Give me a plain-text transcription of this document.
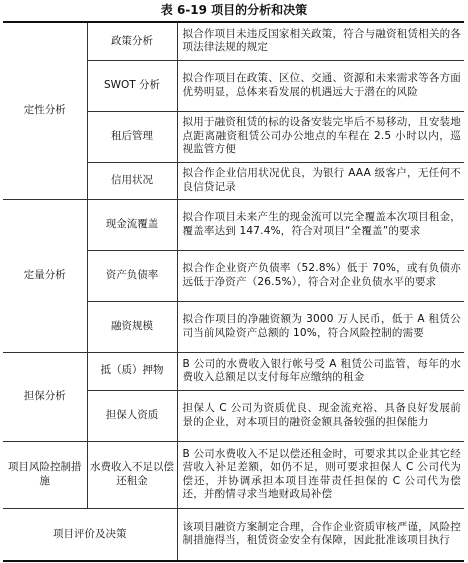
表 6-19 项目的分析和决策
定性分析	政策分析	拟合作项目未违反国家相关政策，符合与融资租赁相关的各项法律法规的规定
	SWOT 分析	拟合作项目在政策、区位、交通、资源和未来需求等各方面优势明显，总体来看发展的机遇远大于潜在的风险
	租后管理	拟用于融资租赁的标的设备安装完毕后不易移动，且安装地点距离融资租赁公司办公地点的车程在 2.5 小时以内，巡视监管方便
	信用状况	拟合作企业信用状况优良，为银行 AAA 级客户，无任何不良信贷记录
定量分析	现金流覆盖	拟合作项目未来产生的现金流可以完全覆盖本次项目租金，覆盖率达到 147.4%，符合对项目“全覆盖”的要求
	资产负债率	拟合作企业资产负债率（52.8%）低于 70%，或有负债亦远低于净资产（26.5%），符合对企业负债水平的要求
	融资规模	拟合作项目的净融资额为 3000 万人民币，低于 A 租赁公司当前风险资产总额的 10%，符合风险控制的需要
担保分析	抵（质）押物	B 公司的水费收入银行帐号受 A 租赁公司监管，每年的水费收入总额足以支付每年应缴纳的租金
	担保人资质	担保人 C 公司为资质优良、现金流充裕、具备良好发展前景的企业，对本项目的融资金额具备较强的担保能力
项目风险控制措施	水费收入不足以偿还租金	B 公司水费收入不足以偿还租金时，可要求其以企业其它经营收入补足差额，如仍不足，则可要求担保人 C 公司代为偿还，并协调承担本项目连带责任担保的 C 公司代为偿还，并酌情寻求当地财政局补偿
项目评价及决策		该项目融资方案制定合理，合作企业资质审核严谨，风险控制措施得当，租赁资金安全有保障，因此批准该项目执行
